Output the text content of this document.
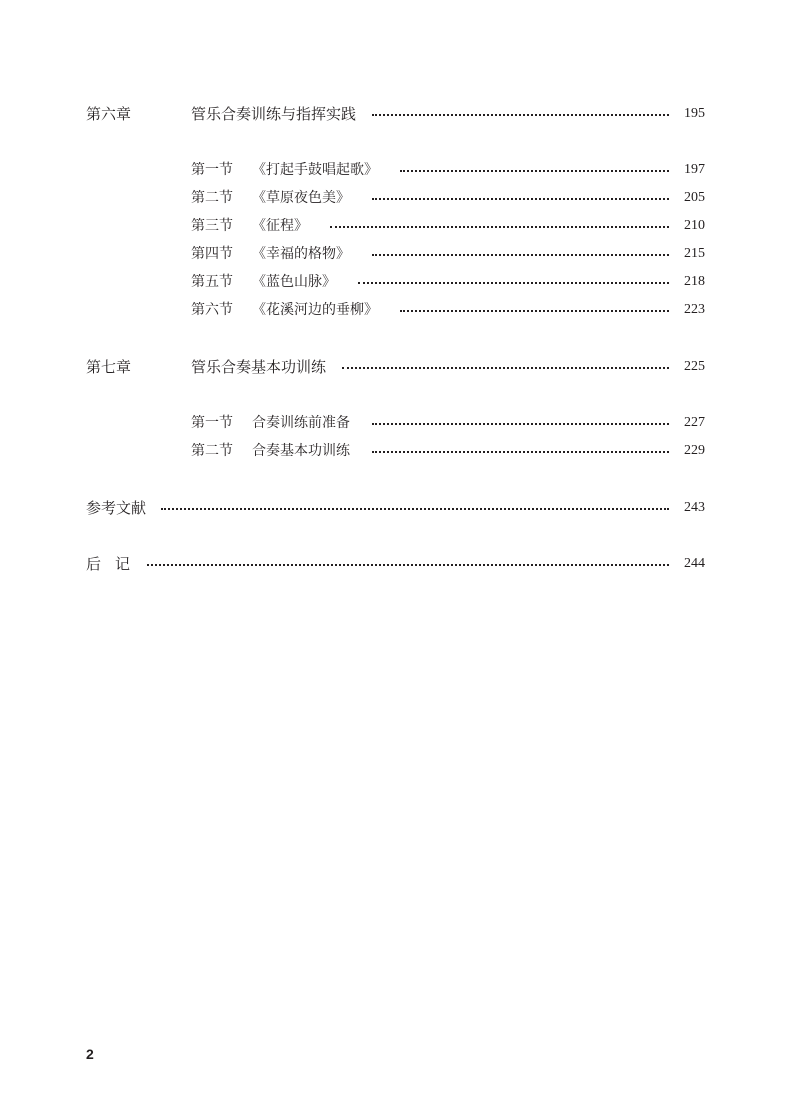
第六章	管乐合奏训练与指挥实践	195
第一节 《打起手鼓唱起歌》	197
第二节 《草原夜色美》	205
第三节 《征程》	210
第四节 《幸福的格物》	215
第五节 《蓝色山脉》	218
第六节 《花溪河边的垂柳》	223
第七章	管乐合奏基本功训练	225
第一节 合奏训练前准备	227
第二节 合奏基本功训练	229
参考文献	243
后记	244
2
